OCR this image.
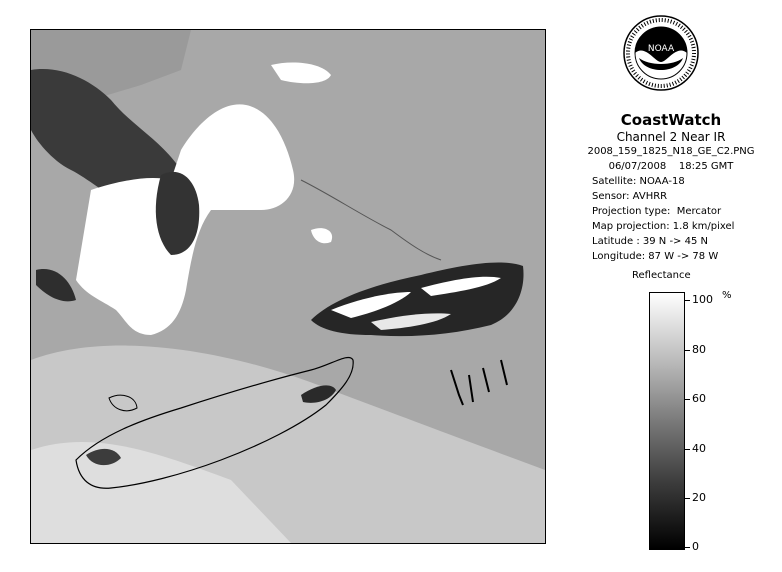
NOAA
CoastWatch
Channel 2 Near IR
2008_159_1825_N18_GE_C2.PNG
06/07/2008    18:25 GMT
Satellite: NOAA-18
Sensor: AVHRR
Projection type:  Mercator
Map projection: 1.8 km/pixel
Latitude : 39 N -> 45 N
Longitude: 87 W -> 78 W
Reflectance
%
100
80
60
40
20
0
